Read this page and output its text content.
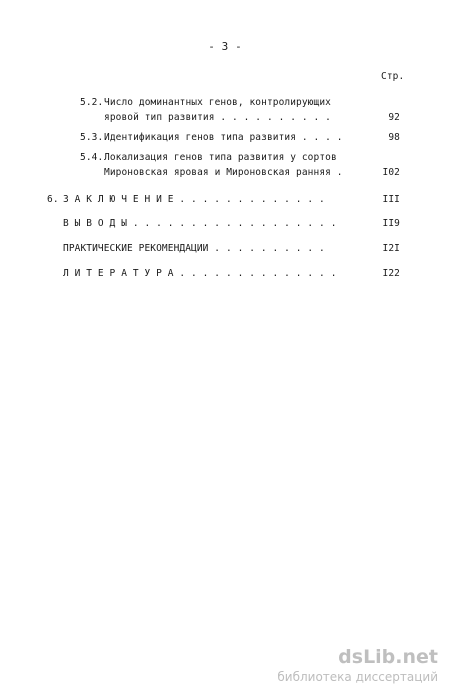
- 3 -
Стр.
5.2. Число доминантных генов, контролирующих
яровой тип развития . . . . . . . . . .	92
5.3. Идентификация генов типа развития . . . .	98
5.4. Локализация генов типа развития у сортов
Мироновская яровая и Мироновская ранняя .	I02
6. З А К Л Ю Ч Е Н И Е . . . . . . . . . . . . .	III
В Ы В О Д Ы . . . . . . . . . . . . . . . . . .	II9
ПРАКТИЧЕСКИЕ РЕКОМЕНДАЦИИ . . . . . . . . . .	I2I
Л И Т Е Р А Т У Р А . . . . . . . . . . . . . .	I22
dsLib.net
библиотека диссертаций
